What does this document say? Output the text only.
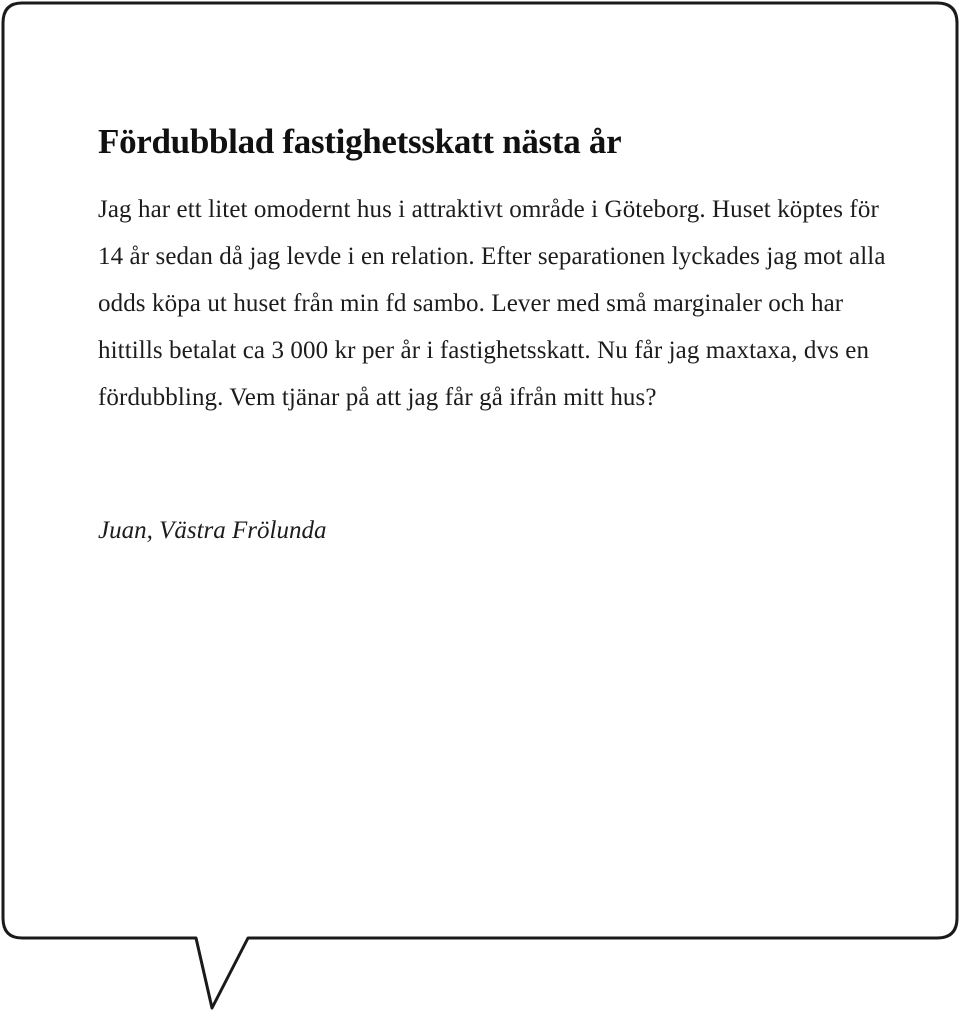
Fördubblad fastighetsskatt nästa år

Jag har ett litet omodernt hus i attraktivt område i Göteborg. Huset köptes för 14 år sedan då jag levde i en relation. Efter separationen lyckades jag mot alla odds köpa ut huset från min fd sambo. Lever med små marginaler och har hittills betalat ca 3 000 kr per år i fastighetsskatt. Nu får jag maxtaxa, dvs en fördubbling. Vem tjänar på att jag får gå ifrån mitt hus?

Juan, Västra Frölunda
